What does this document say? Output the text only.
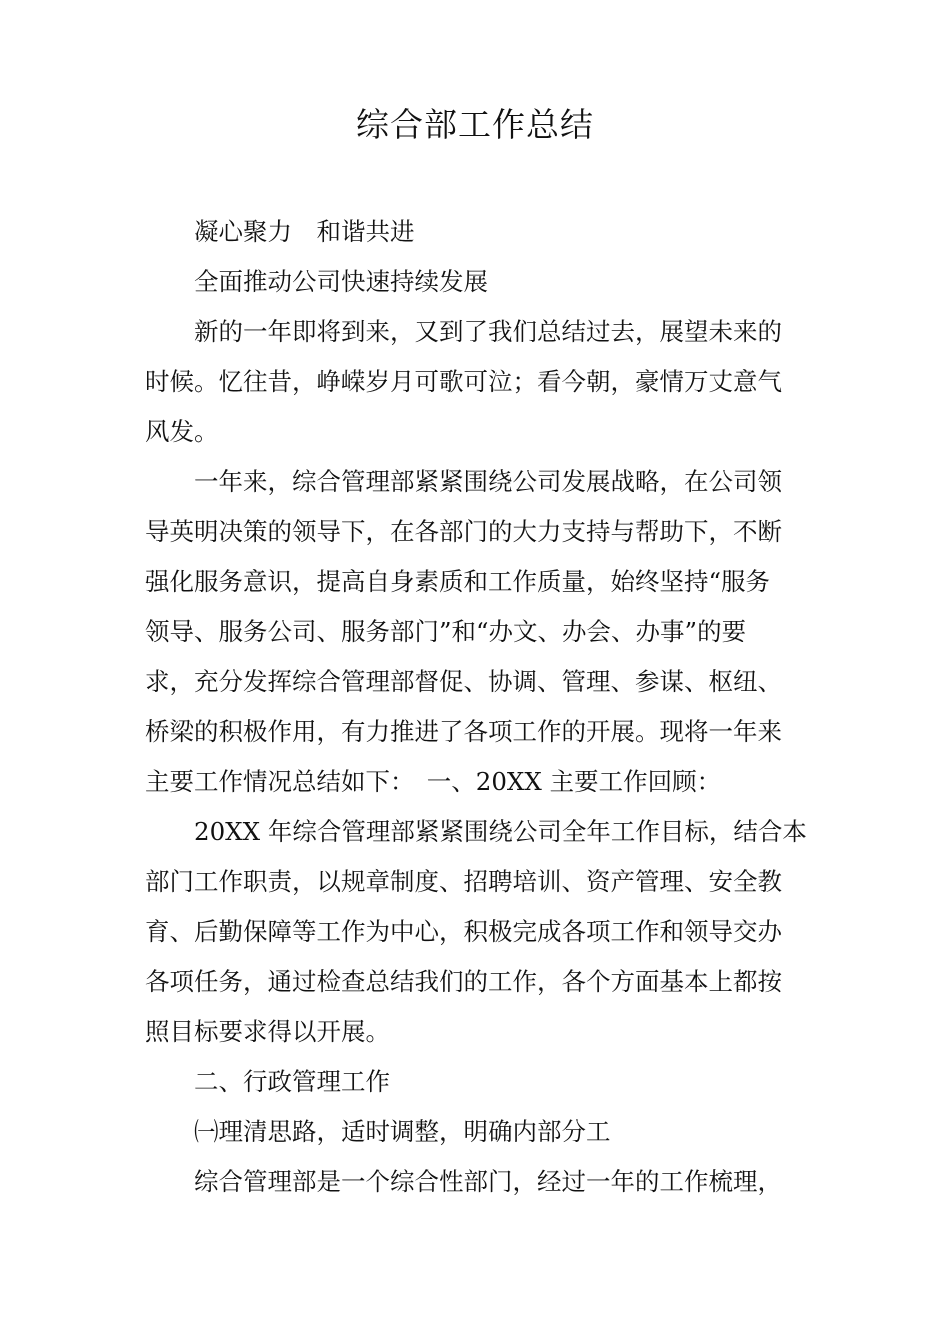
综合部工作总结

凝心聚力　和谐共进

全面推动公司快速持续发展

新的一年即将到来，又到了我们总结过去，展望未来的
时候。忆往昔，峥嵘岁月可歌可泣；看今朝，豪情万丈意气
风发。

一年来，综合管理部紧紧围绕公司发展战略，在公司领
导英明决策的领导下，在各部门的大力支持与帮助下，不断
强化服务意识，提高自身素质和工作质量，始终坚持“服务
领导、服务公司、服务部门”和“办文、办会、办事”的要
求，充分发挥综合管理部督促、协调、管理、参谋、枢纽、
桥梁的积极作用，有力推进了各项工作的开展。现将一年来
主要工作情况总结如下：　一、20XX 主要工作回顾：

20XX 年综合管理部紧紧围绕公司全年工作目标，结合本
部门工作职责，以规章制度、招聘培训、资产管理、安全教
育、后勤保障等工作为中心，积极完成各项工作和领导交办
各项任务，通过检查总结我们的工作，各个方面基本上都按
照目标要求得以开展。

二、行政管理工作

㈠理清思路，适时调整，明确内部分工

综合管理部是一个综合性部门，经过一年的工作梳理，
